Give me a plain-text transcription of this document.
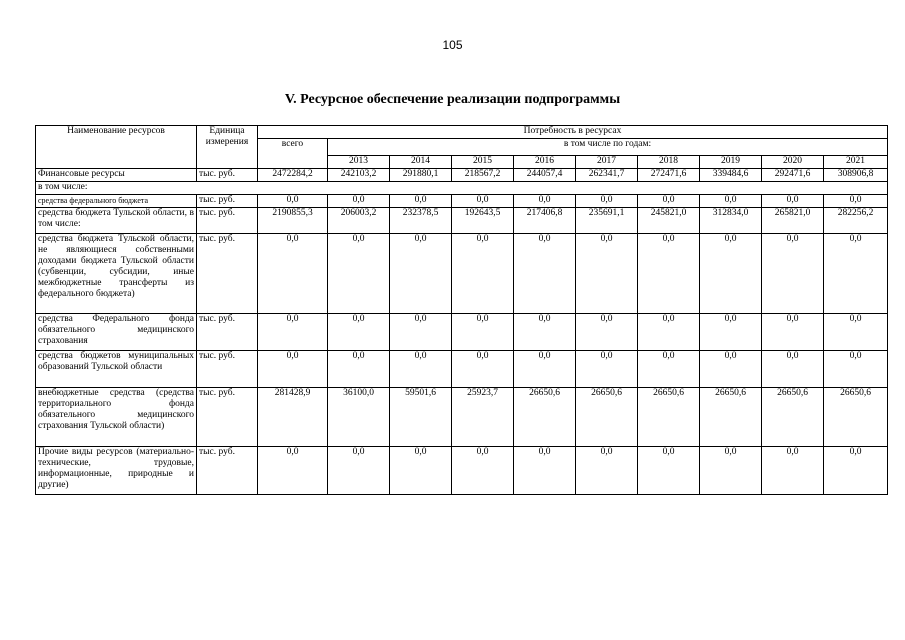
105
V. Ресурсное обеспечение реализации подпрограммы
Наименование ресурсов	Единица измерения	Потребность в ресурсах									
		всего	в том числе по годам:								
			2013	2014	2015	2016	2017	2018	2019	2020	2021
Финансовые ресурсы	тыс. руб.	2472284,2	242103,2	291880,1	218567,2	244057,4	262341,7	272471,6	339484,6	292471,6	308906,8
в том числе:											
средства федерального бюджета	тыс. руб.	0,0	0,0	0,0	0,0	0,0	0,0	0,0	0,0	0,0	0,0
средства бюджета Тульской области, в том числе:	тыс. руб.	2190855,3	206003,2	232378,5	192643,5	217406,8	235691,1	245821,0	312834,0	265821,0	282256,2
средства бюджета Тульской области, не являющиеся собственными доходами бюджета Тульской области (субвенции, субсидии, иные межбюджетные трансферты из федерального бюджета)	тыс. руб.	0,0	0,0	0,0	0,0	0,0	0,0	0,0	0,0	0,0	0,0
средства Федерального фонда обязательного медицинского страхования	тыс. руб.	0,0	0,0	0,0	0,0	0,0	0,0	0,0	0,0	0,0	0,0
средства бюджетов муниципальных образований Тульской области	тыс. руб.	0,0	0,0	0,0	0,0	0,0	0,0	0,0	0,0	0,0	0,0
внебюджетные средства (средства территориального фонда обязательного медицинского страхования Тульской области)	тыс. руб.	281428,9	36100,0	59501,6	25923,7	26650,6	26650,6	26650,6	26650,6	26650,6	26650,6
Прочие виды ресурсов (материально-технические, трудовые, информационные, природные и другие)	тыс. руб.	0,0	0,0	0,0	0,0	0,0	0,0	0,0	0,0	0,0	0,0
